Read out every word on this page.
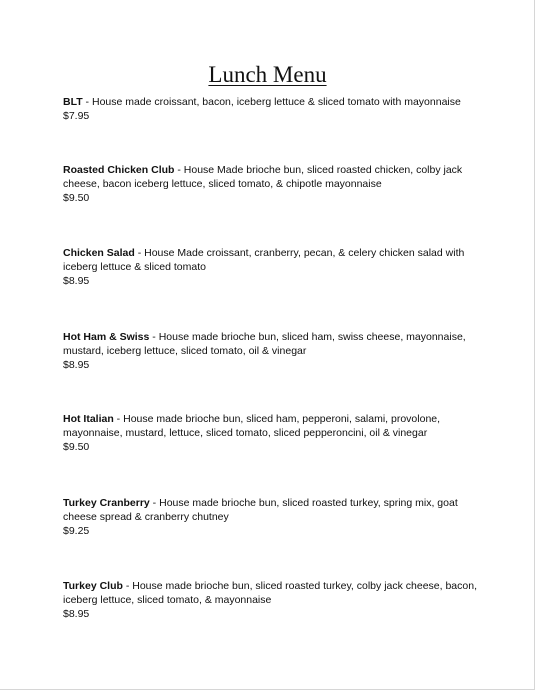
Lunch Menu
BLT - House made croissant, bacon, iceberg lettuce & sliced tomato with mayonnaise
$7.95
Roasted Chicken Club - House Made brioche bun, sliced roasted chicken, colby jack cheese, bacon iceberg lettuce, sliced tomato, & chipotle mayonnaise
$9.50
Chicken Salad - House Made croissant, cranberry, pecan, & celery chicken salad with iceberg lettuce & sliced tomato
$8.95
Hot Ham & Swiss - House made brioche bun, sliced ham, swiss cheese, mayonnaise, mustard, iceberg lettuce, sliced tomato, oil & vinegar
$8.95
Hot Italian - House made brioche bun, sliced ham, pepperoni, salami, provolone, mayonnaise, mustard, lettuce, sliced tomato, sliced pepperoncini, oil & vinegar
$9.50
Turkey Cranberry - House made brioche bun, sliced roasted turkey, spring mix, goat cheese spread & cranberry chutney
$9.25
Turkey Club - House made brioche bun, sliced roasted turkey, colby jack cheese, bacon, iceberg lettuce, sliced tomato, & mayonnaise
$8.95
